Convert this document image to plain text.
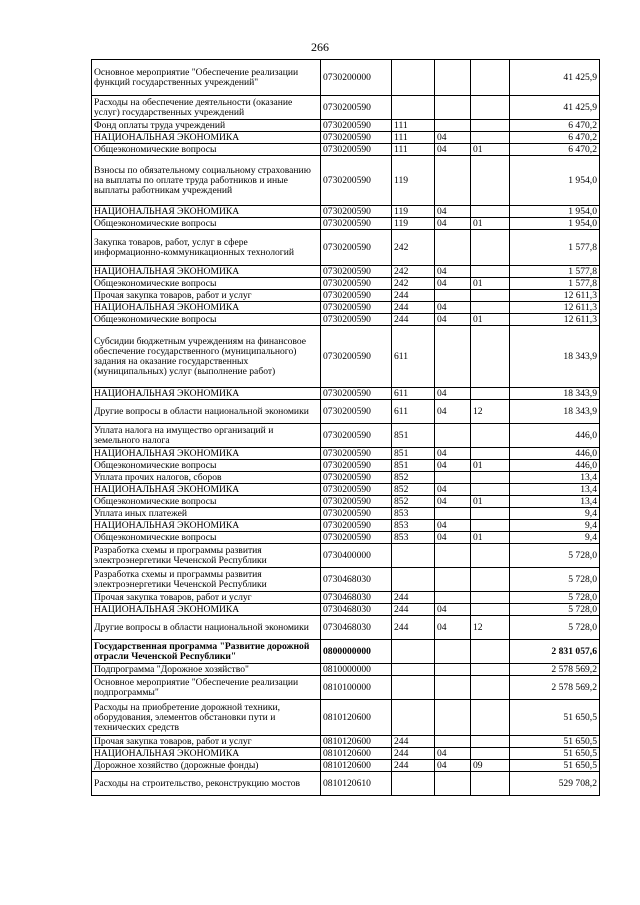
266
Основное мероприятие "Обеспечение реализации функций государственных учреждений"	0730200000				41 425,9
Расходы на обеспечение деятельности (оказание услуг) государственных учреждений	0730200590				41 425,9
Фонд оплаты труда учреждений	0730200590	111			6 470,2
НАЦИОНАЛЬНАЯ ЭКОНОМИКА	0730200590	111	04		6 470,2
Общеэкономические вопросы	0730200590	111	04	01	6 470,2
Взносы по обязательному социальному страхованию на выплаты по оплате труда работников и иные выплаты работникам учреждений	0730200590	119			1 954,0
НАЦИОНАЛЬНАЯ ЭКОНОМИКА	0730200590	119	04		1 954,0
Общеэкономические вопросы	0730200590	119	04	01	1 954,0
Закупка товаров, работ, услуг в сфере информационно-коммуникационных технологий	0730200590	242			1 577,8
НАЦИОНАЛЬНАЯ ЭКОНОМИКА	0730200590	242	04		1 577,8
Общеэкономические вопросы	0730200590	242	04	01	1 577,8
Прочая закупка товаров, работ и услуг	0730200590	244			12 611,3
НАЦИОНАЛЬНАЯ ЭКОНОМИКА	0730200590	244	04		12 611,3
Общеэкономические вопросы	0730200590	244	04	01	12 611,3
Субсидии бюджетным учреждениям на финансовое обеспечение государственного (муниципального) задания на оказание государственных (муниципальных) услуг (выполнение работ)	0730200590	611			18 343,9
НАЦИОНАЛЬНАЯ ЭКОНОМИКА	0730200590	611	04		18 343,9
Другие вопросы в области национальной экономики	0730200590	611	04	12	18 343,9
Уплата налога на имущество организаций и земельного налога	0730200590	851			446,0
НАЦИОНАЛЬНАЯ ЭКОНОМИКА	0730200590	851	04		446,0
Общеэкономические вопросы	0730200590	851	04	01	446,0
Уплата прочих налогов, сборов	0730200590	852			13,4
НАЦИОНАЛЬНАЯ ЭКОНОМИКА	0730200590	852	04		13,4
Общеэкономические вопросы	0730200590	852	04	01	13,4
Уплата иных платежей	0730200590	853			9,4
НАЦИОНАЛЬНАЯ ЭКОНОМИКА	0730200590	853	04		9,4
Общеэкономические вопросы	0730200590	853	04	01	9,4
Разработка схемы и программы развития электроэнергетики Чеченской Республики	0730400000				5 728,0
Разработка схемы и программы развития электроэнергетики Чеченской Республики	0730468030				5 728,0
Прочая закупка товаров, работ и услуг	0730468030	244			5 728,0
НАЦИОНАЛЬНАЯ ЭКОНОМИКА	0730468030	244	04		5 728,0
Другие вопросы в области национальной экономики	0730468030	244	04	12	5 728,0
Государственная программа "Развитие дорожной отрасли Чеченской Республики"	0800000000				2 831 057,6
Подпрограмма "Дорожное хозяйство"	0810000000				2 578 569,2
Основное мероприятие "Обеспечение реализации подпрограммы"	0810100000				2 578 569,2
Расходы на приобретение дорожной техники, оборудования, элементов обстановки пути и технических средств	0810120600				51 650,5
Прочая закупка товаров, работ и услуг	0810120600	244			51 650,5
НАЦИОНАЛЬНАЯ ЭКОНОМИКА	0810120600	244	04		51 650,5
Дорожное хозяйство (дорожные фонды)	0810120600	244	04	09	51 650,5
Расходы на строительство, реконструкцию мостов	0810120610				529 708,2
